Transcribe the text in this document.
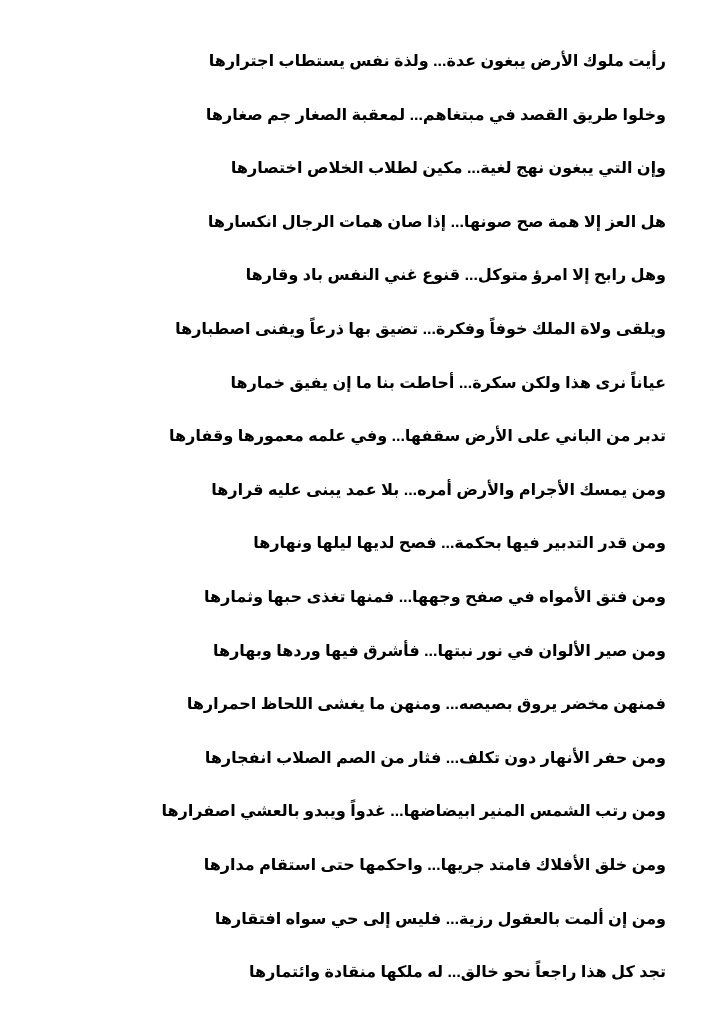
رأيت ملوك الأرض يبغون عدة... ولذة نفس يستطاب اجترارها
وخلوا طريق القصد في مبتغاهم... لمعقبة الصغار جم صغارها
وإن التي يبغون نهج لغية... مكين لطلاب الخلاص اختصارها
هل العز إلا همة صح صونها... إذا صان همات الرجال انكسارها
وهل رابح إلا امرؤ متوكل... قنوع غني النفس باد وقارها
ويلقى ولاة الملك خوفاً وفكرة... تضيق بها ذرعاً ويفنى اصطبارها
عياناً نرى هذا ولكن سكرة... أحاطت بنا ما إن يفيق خمارها
تدبر من الباني على الأرض سقفها... وفي علمه معمورها وقفارها
ومن يمسك الأجرام والأرض أمره... بلا عمد يبنى عليه قرارها
ومن قدر التدبير فيها بحكمة... فصح لديها ليلها ونهارها
ومن فتق الأمواه في صفح وجهها... فمنها تغذى حبها وثمارها
ومن صير الألوان في نور نبتها... فأشرق فيها وردها وبهارها
فمنهن مخضر يروق بصيصه... ومنهن ما يغشى اللحاظ احمرارها
ومن حفر الأنهار دون تكلف... فثار من الصم الصلاب انفجارها
ومن رتب الشمس المنير ابيضاضها... غدواً ويبدو بالعشي اصفرارها
ومن خلق الأفلاك فامتد جريها... واحكمها حتى استقام مدارها
ومن إن ألمت بالعقول رزية... فليس إلى حي سواه افتقارها
تجد كل هذا راجعاً نحو خالق... له ملكها منقادة وائتمارها
